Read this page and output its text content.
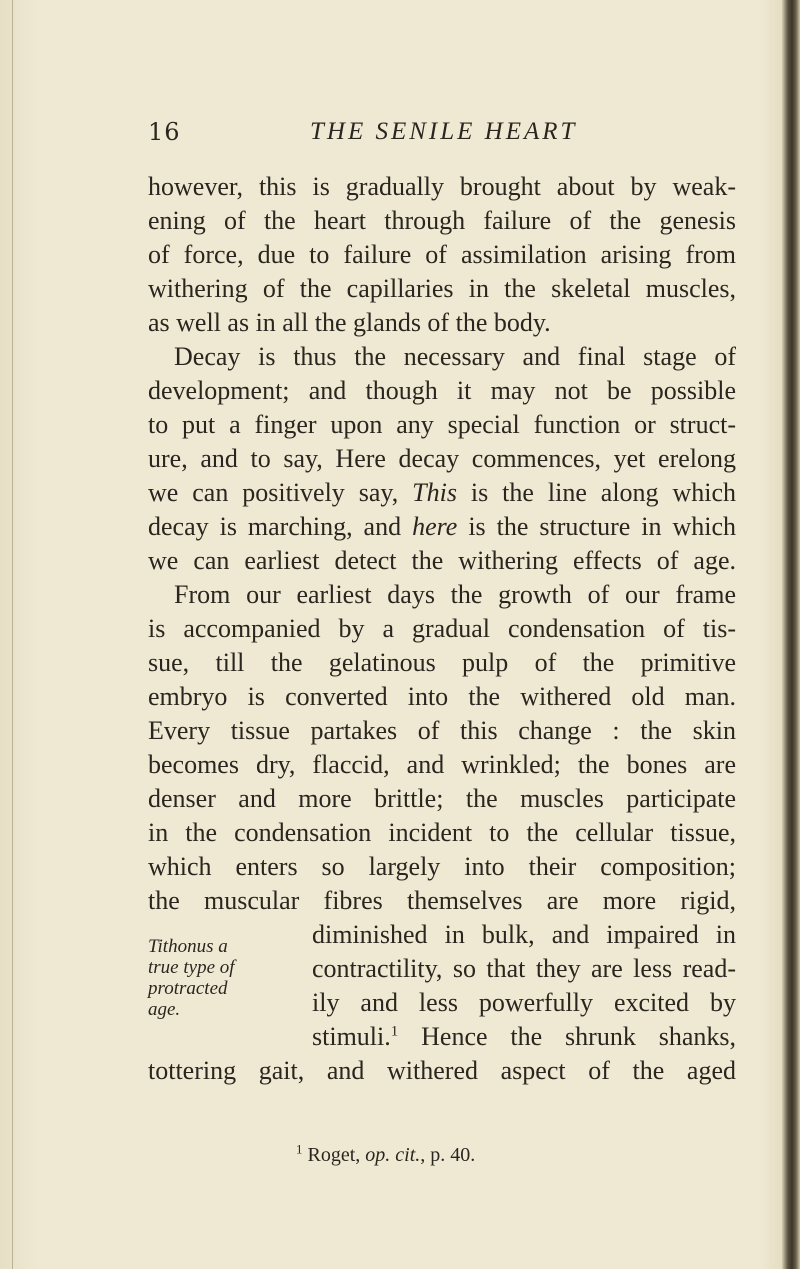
16	THE SENILE HEART
however, this is gradually brought about by weak-
ening of the heart through failure of the genesis
of force, due to failure of assimilation arising from
withering of the capillaries in the skeletal muscles,
as well as in all the glands of the body.
Decay is thus the necessary and final stage of
development; and though it may not be possible
to put a finger upon any special function or struct-
ure, and to say, Here decay commences, yet erelong
we can positively say, This is the line along which
decay is marching, and here is the structure in which
we can earliest detect the withering effects of age.
From our earliest days the growth of our frame
is accompanied by a gradual condensation of tis-
sue, till the gelatinous pulp of the primitive
embryo is converted into the withered old man.
Every tissue partakes of this change : the skin
becomes dry, flaccid, and wrinkled; the bones are
denser and more brittle; the muscles participate
in the condensation incident to the cellular tissue,
which enters so largely into their composition;
the muscular fibres themselves are more rigid,
diminished in bulk, and impaired in
contractility, so that they are less read-
ily and less powerfully excited by
stimuli.$^1$ Hence the shrunk shanks,
tottering gait, and withered aspect of the aged
Tithonus a
true type of
protracted
age.
$^1$ Roget, op. cit., p. 40.
